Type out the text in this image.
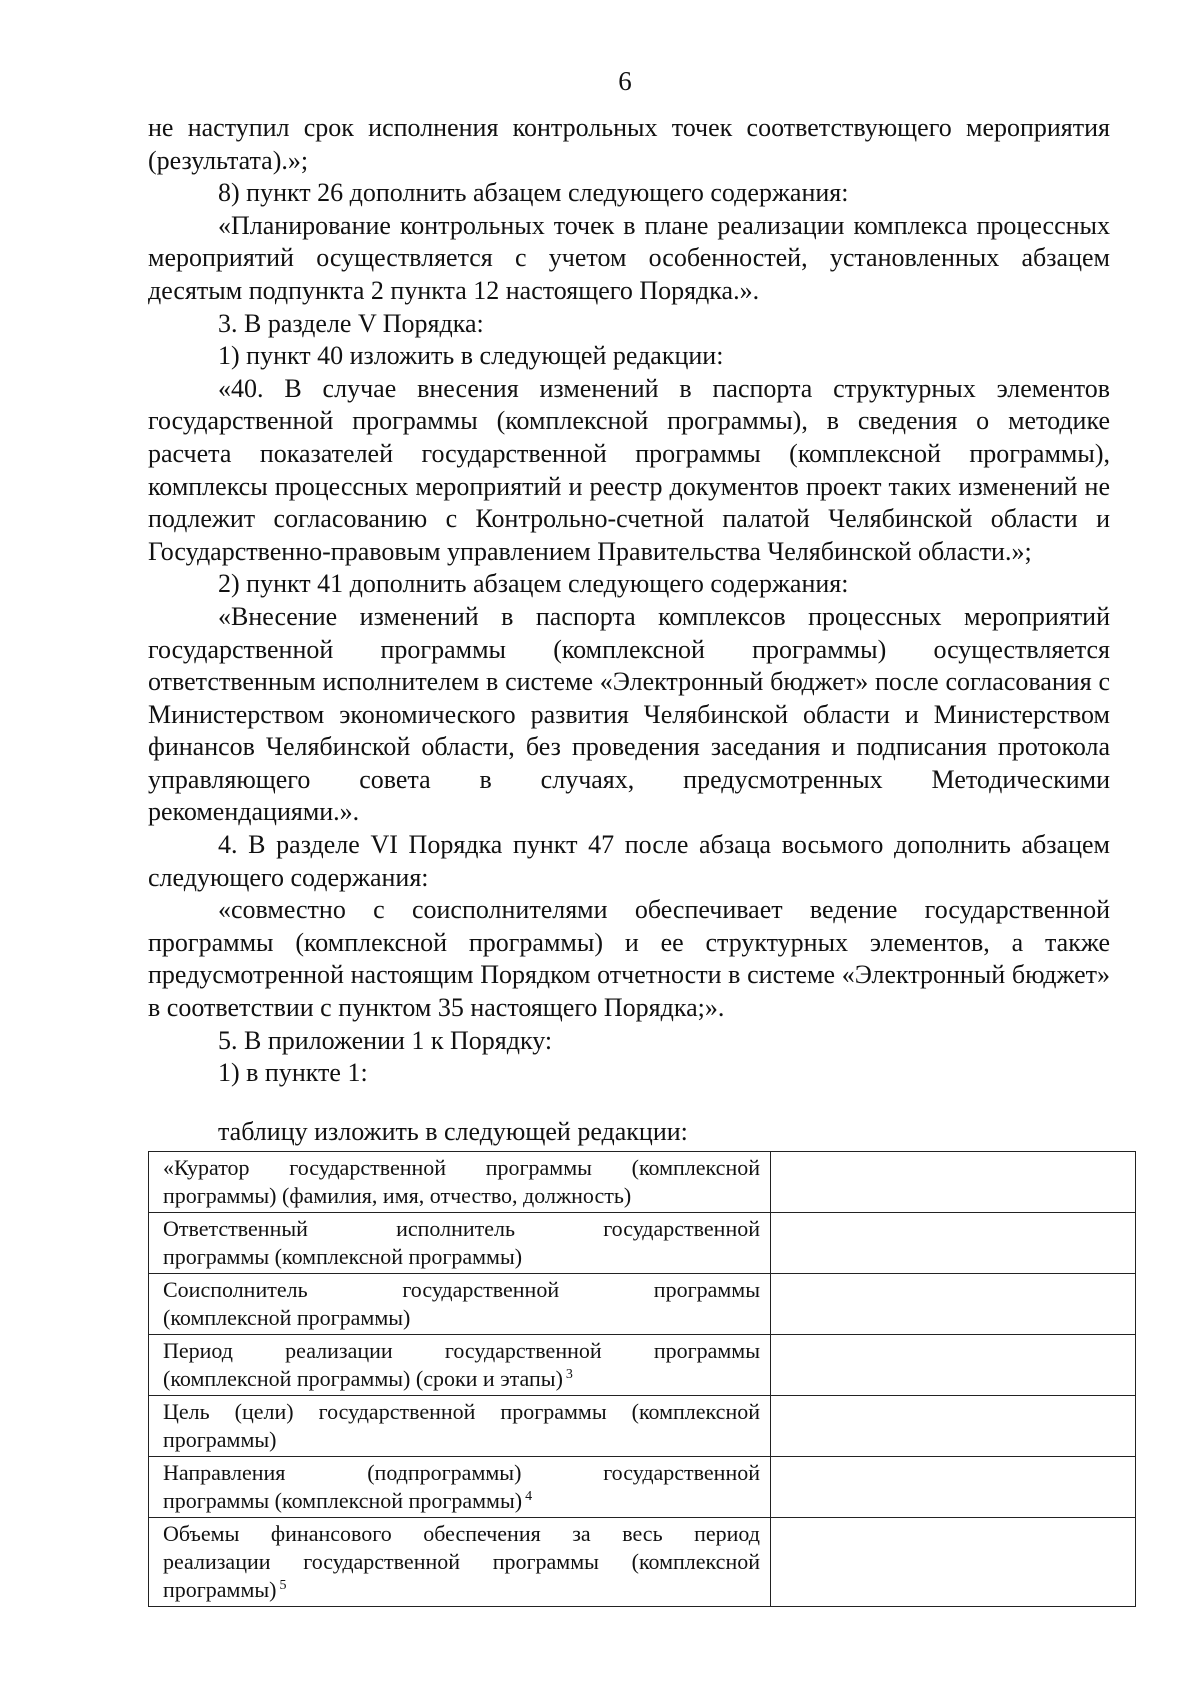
6

не наступил срок исполнения контрольных точек соответствующего мероприятия (результата).»;

8) пункт 26 дополнить абзацем следующего содержания:

«Планирование контрольных точек в плане реализации комплекса процессных мероприятий осуществляется с учетом особенностей, установленных абзацем десятым подпункта 2 пункта 12 настоящего Порядка.».

3. В разделе V Порядка:

1) пункт 40 изложить в следующей редакции:

«40. В случае внесения изменений в паспорта структурных элементов государственной программы (комплексной программы), в сведения о методике расчета показателей государственной программы (комплексной программы), комплексы процессных мероприятий и реестр документов проект таких изменений не подлежит согласованию с Контрольно-счетной палатой Челябинской области и Государственно-правовым управлением Правительства Челябинской области.»;

2) пункт 41 дополнить абзацем следующего содержания:

«Внесение изменений в паспорта комплексов процессных мероприятий государственной программы (комплексной программы) осуществляется ответственным исполнителем в системе «Электронный бюджет» после согласования с Министерством экономического развития Челябинской области и Министерством финансов Челябинской области, без проведения заседания и подписания протокола управляющего совета в случаях, предусмотренных Методическими рекомендациями.».

4. В разделе VI Порядка пункт 47 после абзаца восьмого дополнить абзацем следующего содержания:

«совместно с соисполнителями обеспечивает ведение государственной программы (комплексной программы) и ее структурных элементов, а также предусмотренной настоящим Порядком отчетности в системе «Электронный бюджет» в соответствии с пунктом 35 настоящего Порядка;».

5. В приложении 1 к Порядку:

1) в пункте 1:

таблицу изложить в следующей редакции:
«Куратор государственной программы (комплексной
программы) (фамилия, имя, отчество, должность)	

Ответственный исполнитель государственной
программы (комплексной программы)	

Соисполнитель государственной программы
(комплексной программы)	

Период реализации государственной программы
(комплексной программы) (сроки и этапы) $^3$	

Цель (цели) государственной программы (комплексной
программы)	

Направления (подпрограммы) государственной
программы (комплексной программы) $^4$	

Объемы финансового обеспечения за весь период
реализации государственной программы (комплексной программы) $^5$	
